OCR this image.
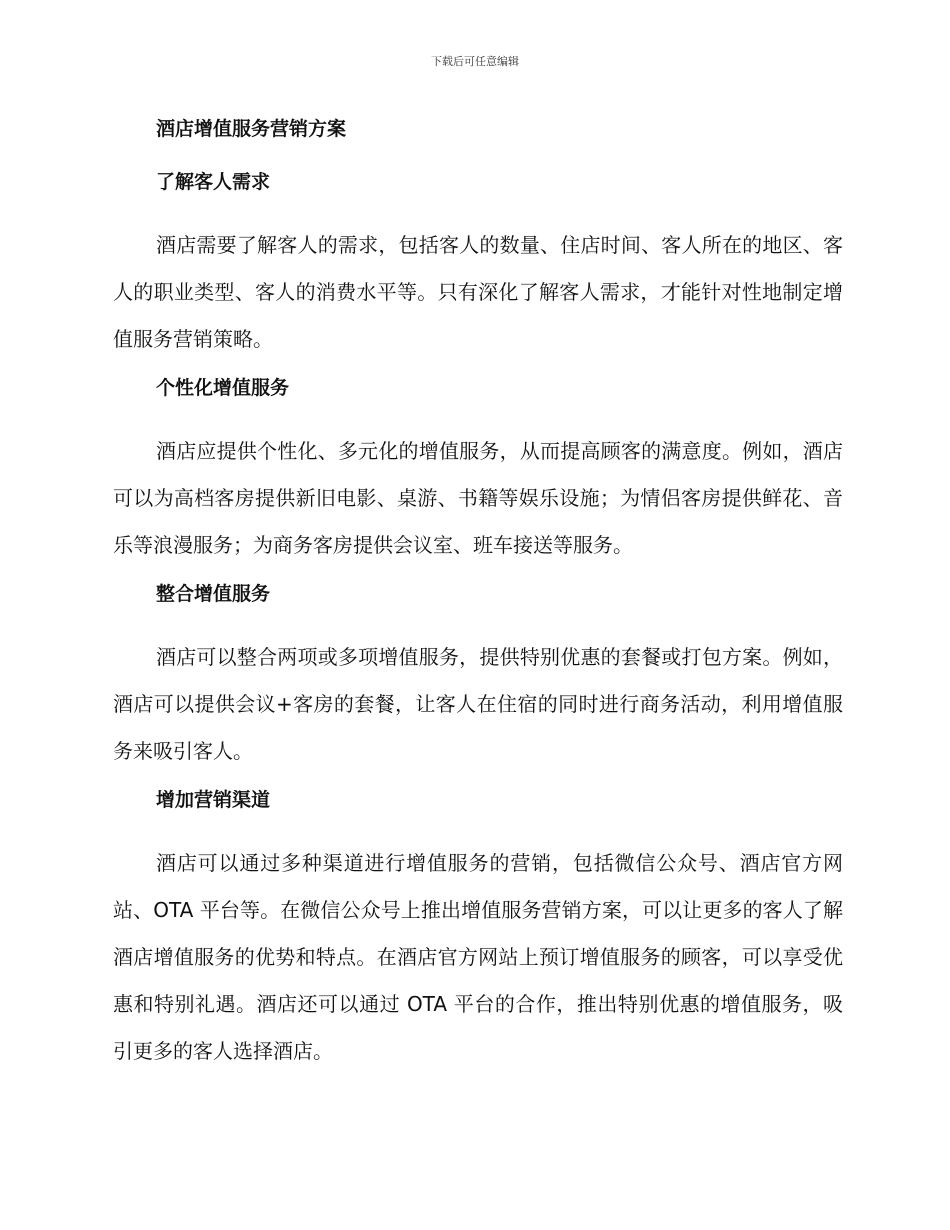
下载后可任意编辑
酒店增值服务营销方案
了解客人需求

酒店需要了解客人的需求，包括客人的数量、住店时间、客人所在的地区、客人的职业类型、客人的消费水平等。只有深化了解客人需求，才能针对性地制定增值服务营销策略。

个性化增值服务

酒店应提供个性化、多元化的增值服务，从而提高顾客的满意度。例如，酒店可以为高档客房提供新旧电影、桌游、书籍等娱乐设施；为情侣客房提供鲜花、音乐等浪漫服务；为商务客房提供会议室、班车接送等服务。

整合增值服务

酒店可以整合两项或多项增值服务，提供特别优惠的套餐或打包方案。例如，酒店可以提供会议+客房的套餐，让客人在住宿的同时进行商务活动，利用增值服务来吸引客人。

增加营销渠道

酒店可以通过多种渠道进行增值服务的营销，包括微信公众号、酒店官方网站、OTA 平台等。在微信公众号上推出增值服务营销方案，可以让更多的客人了解酒店增值服务的优势和特点。在酒店官方网站上预订增值服务的顾客，可以享受优惠和特别礼遇。酒店还可以通过 OTA 平台的合作，推出特别优惠的增值服务，吸引更多的客人选择酒店。
